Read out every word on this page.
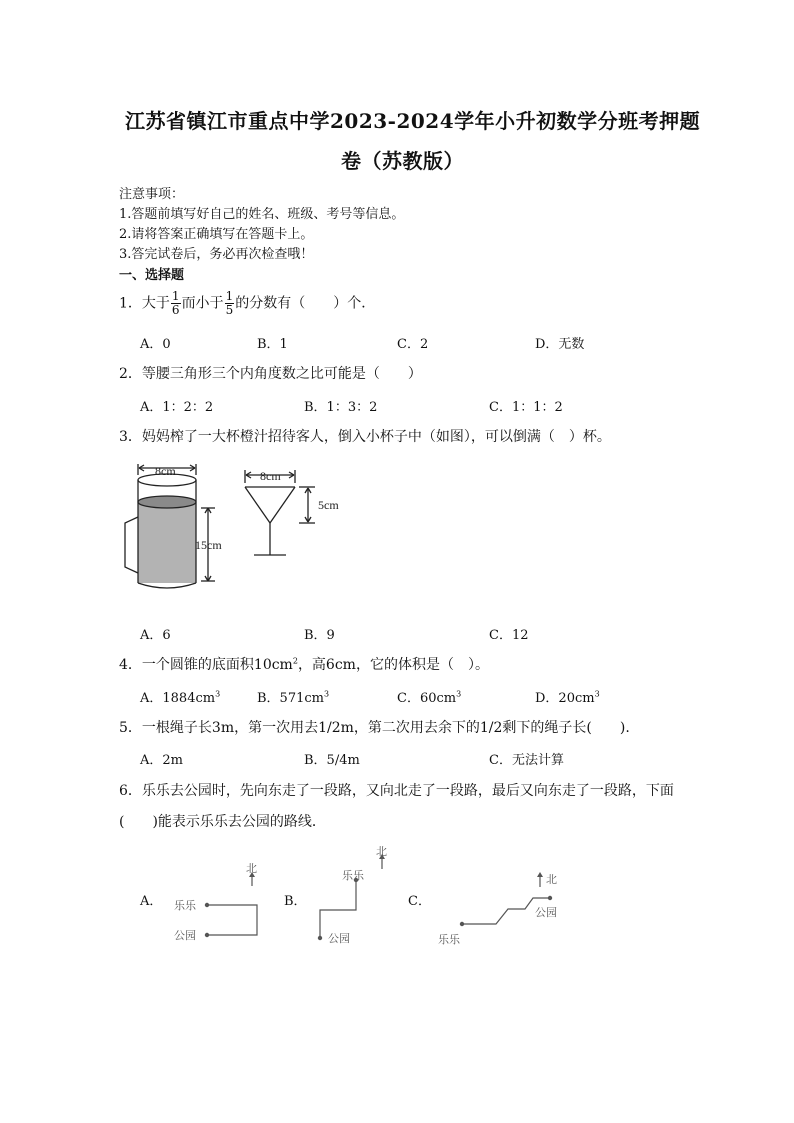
江苏省镇江市重点中学2023-2024学年小升初数学分班考押题
卷（苏教版）
注意事项：
1.答题前填写好自己的姓名、班级、考号等信息。
2.请将答案正确填写在答题卡上。
3.答完试卷后，务必再次检查哦！
一、选择题
1．大于 $\frac{1}{6}$ 而小于 $\frac{1}{5}$ 的分数有（　　）个．
A．0	B．1	C．2	D．无数
2．等腰三角形三个内角度数之比可能是（　　）
A．1：2：2	B．1：3：2	C．1：1：2
3．妈妈榨了一大杯橙汁招待客人，倒入小杯子中（如图），可以倒满（　）杯。
8cm
15cm
8cm
5cm
A．6	B．9	C．12
4．一个圆锥的底面积$10cm^2$，高6cm，它的体积是（　）。
A．$1884cm^3$	B．$571cm^3$	C．$60cm^3$	D．$20cm^3$
5．一根绳子长3m，第一次用去1/2m，第二次用去余下的1/2剩下的绳子长(　　).
A．2m	B．5/4m	C．无法计算
6．乐乐去公园时，先向东走了一段路，又向北走了一段路，最后又向东走了一段路，下面
(　　)能表示乐乐去公园的路线．
A．	B．	C．
北
乐乐
公园
北
乐乐
公园
北
乐乐
公园
